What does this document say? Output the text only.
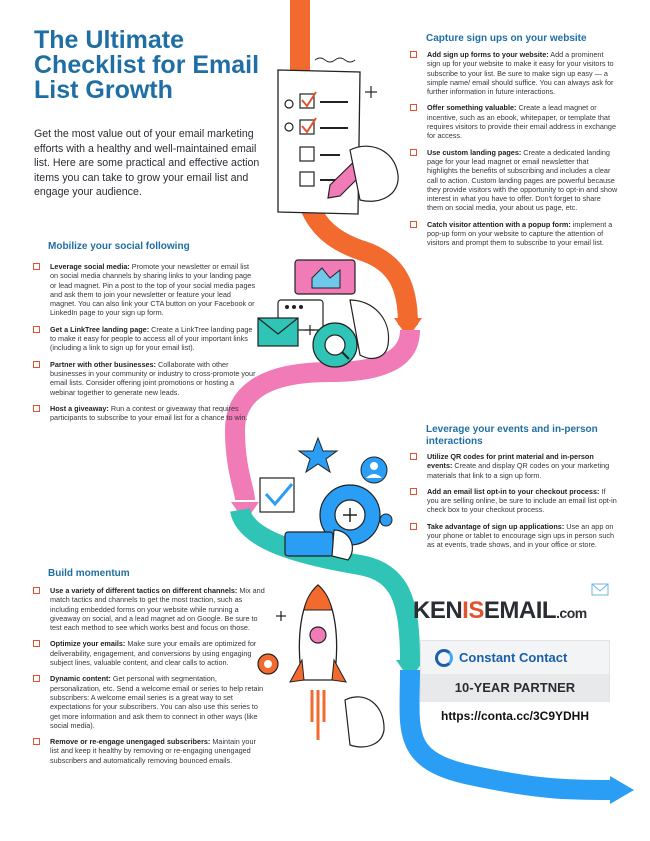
The Ultimate Checklist for Email List Growth
Get the most value out of your email marketing efforts with a healthy and well-maintained email list. Here are some practical and effective action items you can take to grow your email list and engage your audience.
Capture sign ups on your website
Add sign up forms to your website: Add a prominent sign up for your website to make it easy for your visitors to subscribe to your list. Be sure to make sign up easy — a simple name/ email should suffice. You can always ask for further information in future interactions.
Offer something valuable: Create a lead magnet or incentive, such as an ebook, whitepaper, or template that requires visitors to provide their email address in exchange for access.
Use custom landing pages: Create a dedicated landing page for your lead magnet or email newsletter that highlights the benefits of subscribing and includes a clear call to action. Custom landing pages are powerful because they provide visitors with the opportunity to opt-in and show interest in what you have to offer. Don't forget to share them on social media, your about us page, etc.
Catch visitor attention with a popup form: implement a pop-up form on your website to capture the attention of visitors and prompt them to subscribe to your email list.
Mobilize your social following
Leverage social media: Promote your newsletter or email list on social media channels by sharing links to your landing page or lead magnet. Pin a post to the top of your social media pages and ask them to join your newsletter or feature your lead magnet. You can also link your CTA button on your Facebook or LinkedIn page to your sign up form.
Get a LinkTree landing page: Create a LinkTree landing page to make it easy for people to access all of your important links (including a link to sign up for your email list).
Partner with other businesses: Collaborate with other businesses in your community or industry to cross-promote your email lists. Consider offering joint promotions or hosting a webinar together to generate new leads.
Host a giveaway: Run a contest or giveaway that requires participants to subscribe to your email list for a chance to win.
Leverage your events and in-person interactions
Utilize QR codes for print material and in-person events: Create and display QR codes on your marketing materials that link to a sign up form.
Add an email list opt-in to your checkout process: If you are selling online, be sure to include an email list opt-in check box to your checkout process.
Take advantage of sign up applications: Use an app on your phone or tablet to encourage sign ups in person such as at events, trade shows, and in your office or store.
Build momentum
Use a variety of different tactics on different channels: Mix and match tactics and channels to get the most traction, such as including embedded forms on your website while running a giveaway on social, and a lead magnet ad on Google. Be sure to test each method to see which works best and focus on those.
Optimize your emails: Make sure your emails are optimized for deliverability, engagement, and conversions by using engaging subject lines, valuable content, and clear calls to action.
Dynamic content: Get personal with segmentation, personalization, etc. Send a welcome email or series to help retain subscribers: A welcome email series is a great way to set expectations for your subscribers. You can also use this series to get more information and ask them to connect in other ways (like social media).
Remove or re-engage unengaged subscribers: Maintain your list and keep it healthy by removing or re-engaging unengaged subscribers and automatically removing bounced emails.
KENISEMAIL.com
Constant Contact
10-YEAR PARTNER
https://conta.cc/3C9YDHH
